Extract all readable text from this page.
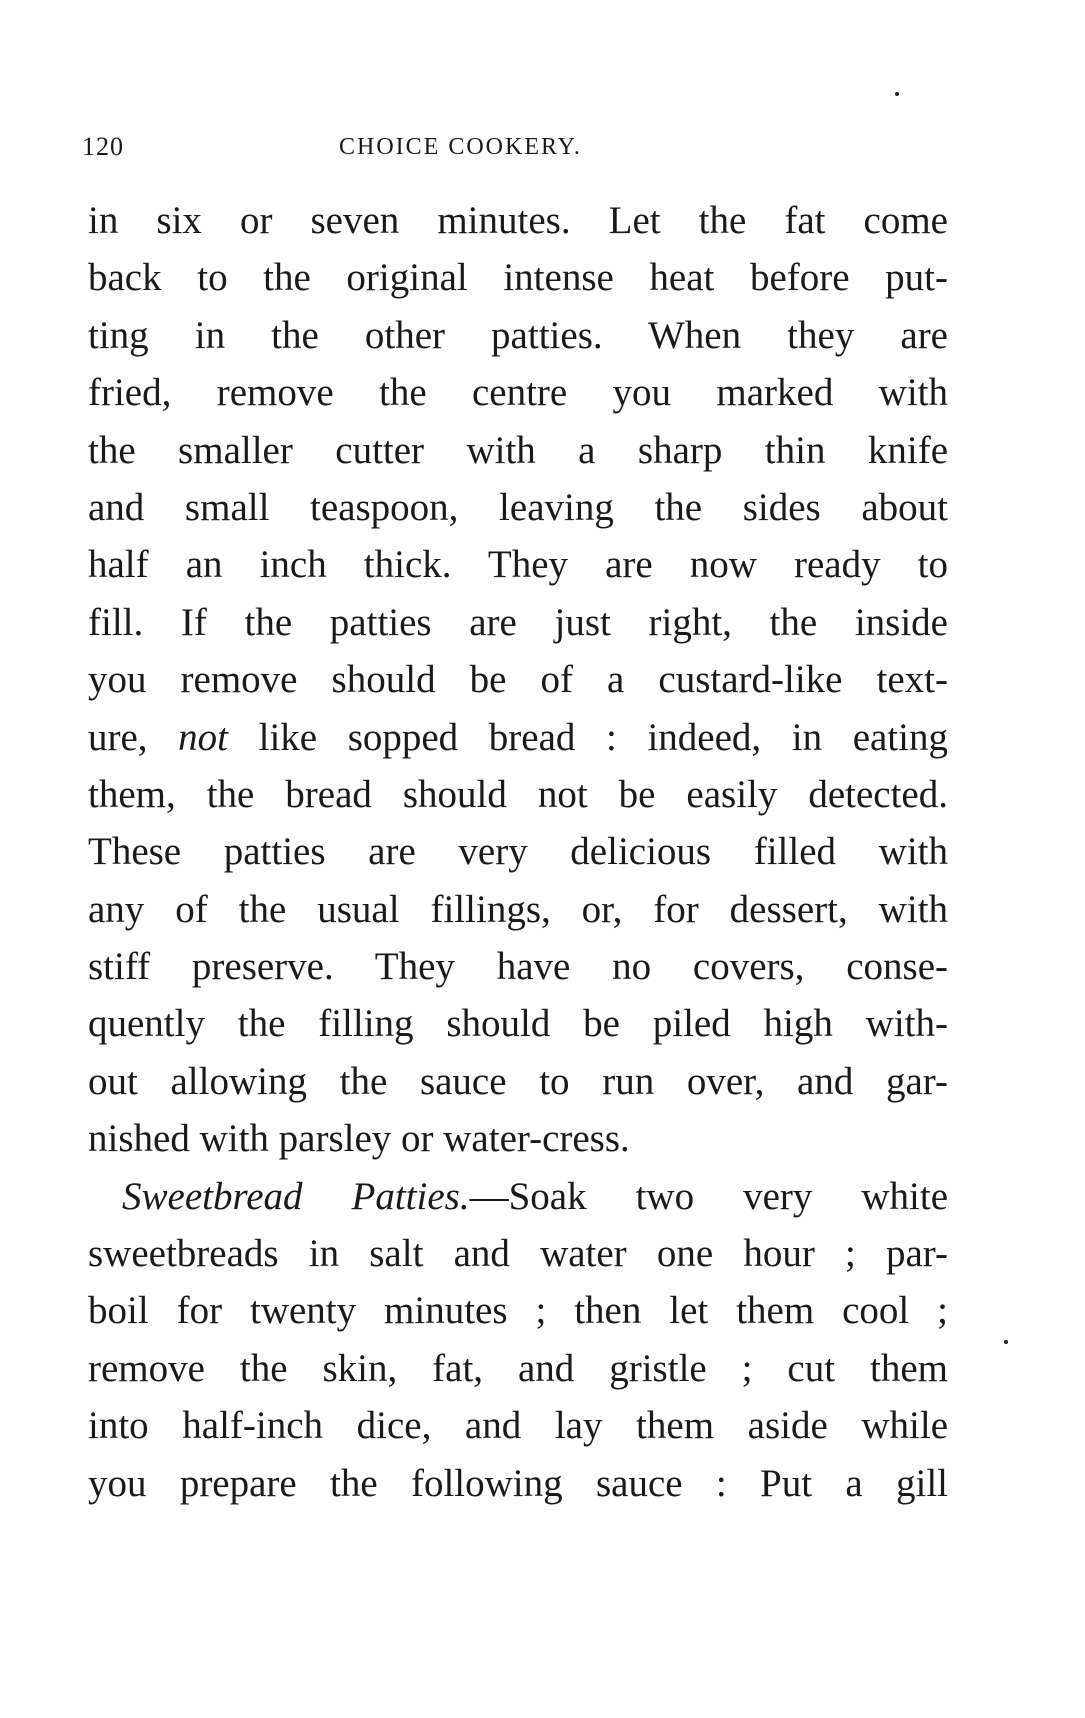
120	CHOICE COOKERY.
in six or seven minutes. Let the fat come
back to the original intense heat before put-
ting in the other patties. When they are
fried, remove the centre you marked with
the smaller cutter with a sharp thin knife
and small teaspoon, leaving the sides about
half an inch thick. They are now ready to
fill. If the patties are just right, the inside
you remove should be of a custard-like text-
ure, not like sopped bread : indeed, in eating
them, the bread should not be easily detected.
These patties are very delicious filled with
any of the usual fillings, or, for dessert, with
stiff preserve. They have no covers, conse-
quently the filling should be piled high with-
out allowing the sauce to run over, and gar-
nished with parsley or water-cress.
Sweetbread Patties.—Soak two very white
sweetbreads in salt and water one hour ; par-
boil for twenty minutes ; then let them cool ;
remove the skin, fat, and gristle ; cut them
into half-inch dice, and lay them aside while
you prepare the following sauce : Put a gill
